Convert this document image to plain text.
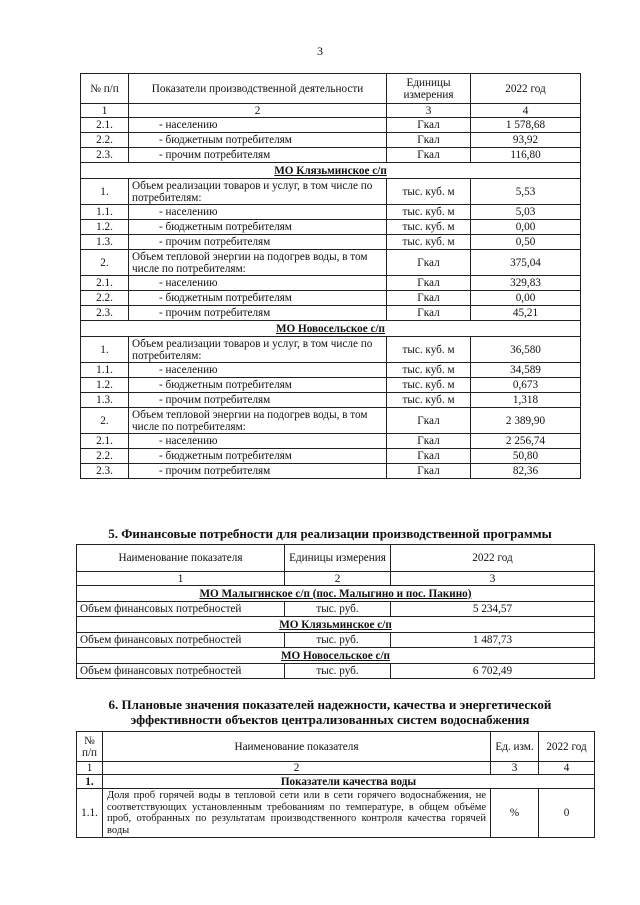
3
№ п/п	Показатели производственной деятельности	Единицы измерения	2022 год
1	2	3	4
2.1.	- населению	Гкал	1 578,68
2.2.	- бюджетным потребителям	Гкал	93,92
2.3.	- прочим потребителям	Гкал	116,80
МО Клязьминское с/п			
1.	Объем реализации товаров и услуг, в том числе по потребителям:	тыс. куб. м	5,53
1.1.	- населению	тыс. куб. м	5,03
1.2.	- бюджетным потребителям	тыс. куб. м	0,00
1.3.	- прочим потребителям	тыс. куб. м	0,50
2.	Объем тепловой энергии на подогрев воды, в том числе по потребителям:	Гкал	375,04
2.1.	- населению	Гкал	329,83
2.2.	- бюджетным потребителям	Гкал	0,00
2.3.	- прочим потребителям	Гкал	45,21
МО Новосельское с/п			
1.	Объем реализации товаров и услуг, в том числе по потребителям:	тыс. куб. м	36,580
1.1.	- населению	тыс. куб. м	34,589
1.2.	- бюджетным потребителям	тыс. куб. м	0,673
1.3.	- прочим потребителям	тыс. куб. м	1,318
2.	Объем тепловой энергии на подогрев воды, в том числе по потребителям:	Гкал	2 389,90
2.1.	- населению	Гкал	2 256,74
2.2.	- бюджетным потребителям	Гкал	50,80
2.3.	- прочим потребителям	Гкал	82,36
5. Финансовые потребности для реализации производственной программы
Наименование показателя	Единицы измерения	2022 год
1	2	3
МО Малыгинское с/п (пос. Малыгино и пос. Пакино)		
Объем финансовых потребностей	тыс. руб.	5 234,57
МО Клязьминское с/п		
Объем финансовых потребностей	тыс. руб.	1 487,73
МО Новосельское с/п		
Объем финансовых потребностей	тыс. руб.	6 702,49
6. Плановые значения показателей надежности, качества и энергетической
эффективности объектов централизованных систем водоснабжения
№ п/п	Наименование показателя	Ед. изм.	2022 год
1	2	3	4
1.	Показатели качества воды		
1.1.	Доля проб горячей воды в тепловой сети или в сети горячего водоснабжения, не соответствующих установленным требованиям по температуре, в общем объёме проб, отобранных по результатам производственного контроля качества горячей воды	%	0
